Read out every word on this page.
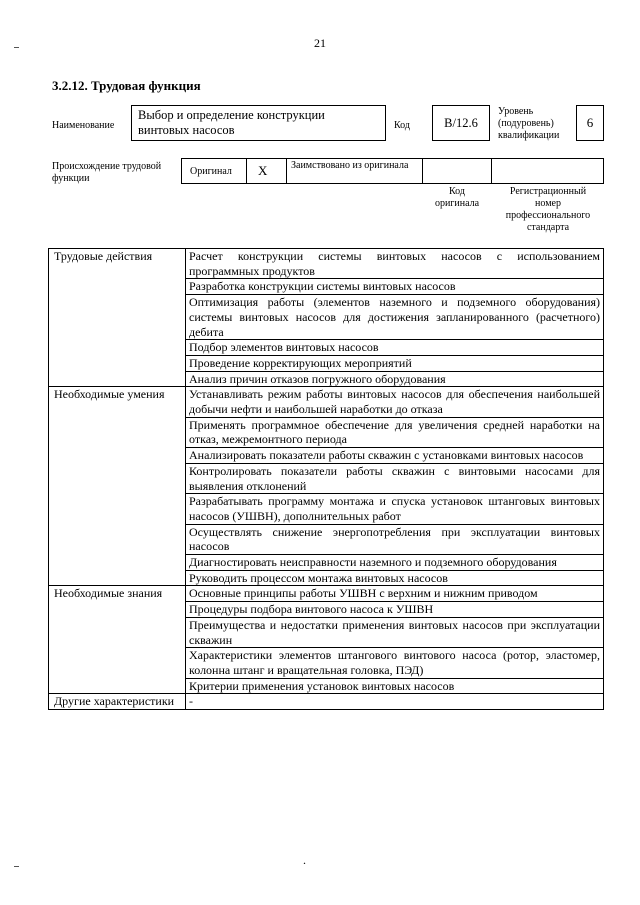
21
3.2.12. Трудовая функция
Наименование
Выбор и определение конструкции винтовых насосов	Код	В/12.6
Уровень (подуровень) квалификации
6
Происхождение трудовой функции
Оригинал X Заимствовано из оригинала
Код оригинала
Регистрационный номер профессионального стандарта
Трудовые действия	Расчет конструкции системы винтовых насосов с использованием программных продуктов
	Разработка конструкции системы винтовых насосов
	Оптимизация работы (элементов наземного и подземного оборудования) системы винтовых насосов для достижения запланированного (расчетного) дебита
	Подбор элементов винтовых насосов
	Проведение корректирующих мероприятий
	Анализ причин отказов погружного оборудования
Необходимые умения	Устанавливать режим работы винтовых насосов для обеспечения наибольшей добычи нефти и наибольшей наработки до отказа
	Применять программное обеспечение для увеличения средней наработки на отказ, межремонтного периода
	Анализировать показатели работы скважин с установками винтовых насосов
	Контролировать показатели работы скважин с винтовыми насосами для выявления отклонений
	Разрабатывать программу монтажа и спуска установок штанговых винтовых насосов (УШВН), дополнительных работ
	Осуществлять снижение энергопотребления при эксплуатации винтовых насосов
	Диагностировать неисправности наземного и подземного оборудования
	Руководить процессом монтажа винтовых насосов
Необходимые знания	Основные принципы работы УШВН с верхним и нижним приводом
	Процедуры подбора винтового насоса к УШВН
	Преимущества и недостатки применения винтовых насосов при эксплуатации скважин
	Характеристики элементов штангового винтового насоса (ротор, эластомер, колонна штанг и вращательная головка, ПЭД)
	Критерии применения установок винтовых насосов
Другие характеристики	-
.
